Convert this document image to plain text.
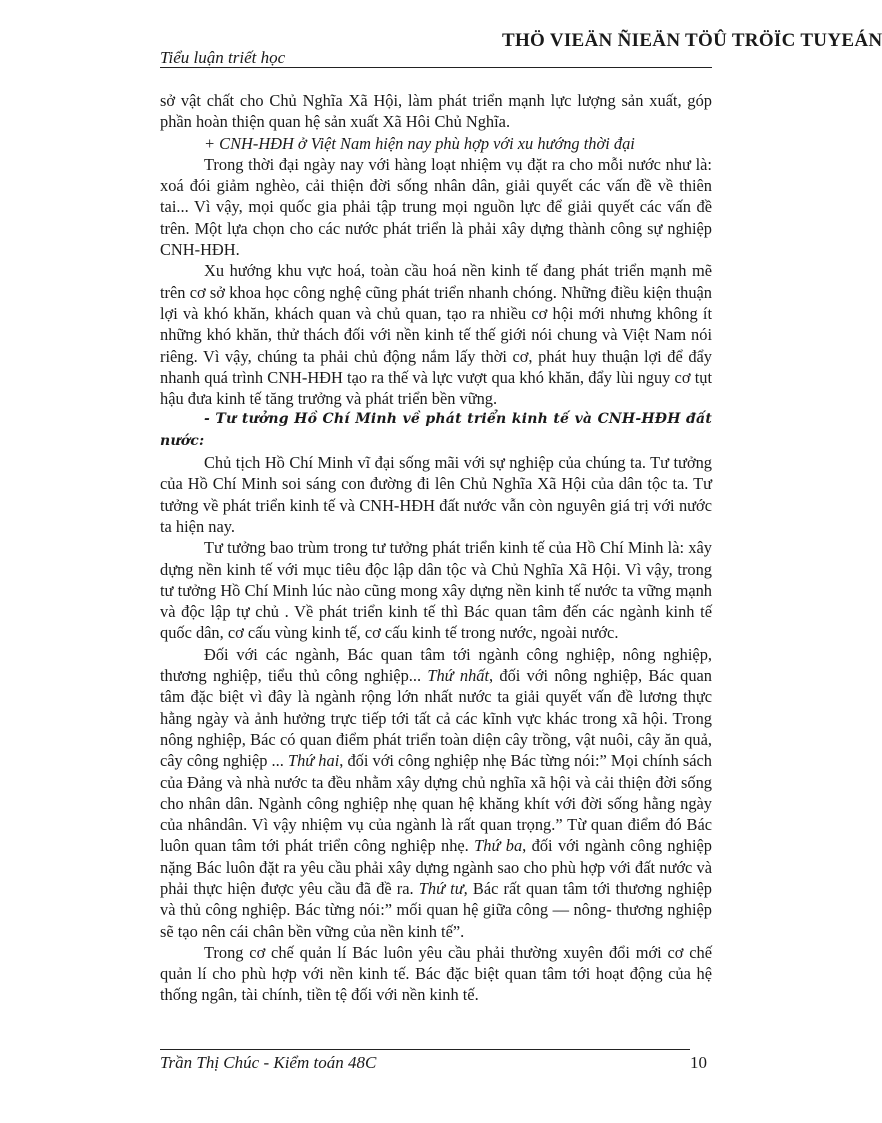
Tiểu luận triết học
THÖ VIEÄN ÑIEÄN TÖÛ TRÖÏC TUYEÁN

sở vật chất cho Chủ Nghĩa Xã Hội, làm phát triển mạnh lực lượng sản xuất, góp phần hoàn thiện quan hệ sản xuất Xã Hôi Chủ Nghĩa.

+ CNH-HĐH ở Việt Nam hiện nay phù hợp với xu hướng thời đại

Trong thời đại ngày nay với hàng loạt nhiệm vụ đặt ra cho mỗi nước như là: xoá đói giảm nghèo, cải thiện đời sống nhân dân, giải quyết các vấn đề về thiên tai... Vì vậy, mọi quốc gia phải tập trung mọi nguồn lực để giải quyết các vấn đề trên. Một lựa chọn cho các nước phát triển là phải xây dựng thành công sự nghiệp CNH-HĐH.

Xu hướng khu vực hoá, toàn cầu hoá nền kinh tế đang phát triển mạnh mẽ trên cơ sở khoa học công nghệ cũng phát triển nhanh chóng. Những điều kiện thuận lợi và khó khăn, khách quan và chủ quan, tạo ra nhiều cơ hội mới nhưng không ít những khó khăn, thử thách đối với nền kinh tế thế giới nói chung và Việt Nam nói riêng. Vì vậy, chúng ta phải chủ động nắm lấy thời cơ, phát huy thuận lợi để đẩy nhanh quá trình CNH-HĐH tạo ra thế và lực vượt qua khó khăn, đẩy lùi nguy cơ tụt hậu đưa kinh tế tăng trưởng và phát triển bền vững.

- Tư tưởng Hồ Chí Minh về phát triển kinh tế và CNH-HĐH đất nước:

Chủ tịch Hồ Chí Minh vĩ đại sống mãi với sự nghiệp của chúng ta. Tư tưởng của Hồ Chí Minh soi sáng con đường đi lên Chủ Nghĩa Xã Hội của dân tộc ta. Tư tưởng về phát triển kinh tế và CNH-HĐH đất nước vẫn còn nguyên giá trị với nước ta hiện nay.

Tư tưởng bao trùm trong tư tưởng phát triển kinh tế của Hồ Chí Minh là: xây dựng nền kinh tế với mục tiêu độc lập dân tộc và Chủ Nghĩa Xã Hội. Vì vậy, trong tư tưởng Hồ Chí Minh lúc nào cũng mong xây dựng nền kinh tế nước ta vững mạnh và độc lập tự chủ . Về phát triển kinh tế thì Bác quan tâm đến các ngành kinh tế quốc dân, cơ cấu vùng kinh tế, cơ cấu kinh tế trong nước, ngoài nước.

Đối với các ngành, Bác quan tâm tới ngành công nghiệp, nông nghiệp, thương nghiệp, tiểu thủ công nghiệp... Thứ nhất, đối với nông nghiệp, Bác quan tâm đặc biệt vì đây là ngành rộng lớn nhất nước ta giải quyết vấn đề lương thực hằng ngày và ảnh hưởng trực tiếp tới tất cả các kĩnh vực khác trong xã hội. Trong nông nghiệp, Bác có quan điểm phát triển toàn diện cây trồng, vật nuôi, cây ăn quả, cây công nghiệp ... Thứ hai, đối với công nghiệp nhẹ Bác từng nói:” Mọi chính sách của Đảng và nhà nước ta đều nhằm xây dựng chủ nghĩa xã hội và cải thiện đời sống cho nhân dân. Ngành công nghiệp nhẹ quan hệ khăng khít với đời sống hằng ngày của nhândân. Vì vậy nhiệm vụ của ngành là rất quan trọng.” Từ quan điểm đó Bác luôn quan tâm tới phát triển công nghiệp nhẹ. Thứ ba, đối với ngành công nghiệp nặng Bác luôn đặt ra yêu cầu phải xây dựng ngành sao cho phù hợp với đất nước và phải thực hiện được yêu cầu đã đề ra. Thứ tư, Bác rất quan tâm tới thương nghiệp và thủ công nghiệp. Bác từng nói:” mối quan hệ giữa công — nông- thương nghiệp sẽ tạo nên cái chân bền vững của nền kinh tế”.

Trong cơ chế quản lí Bác luôn yêu cầu phải thường xuyên đổi mới cơ chế quản lí cho phù hợp với nền kinh tế. Bác đặc biệt quan tâm tới hoạt động của hệ thống ngân, tài chính, tiền tệ đối với nền kinh tế.

Trần Thị Chúc - Kiểm toán 48C	10
